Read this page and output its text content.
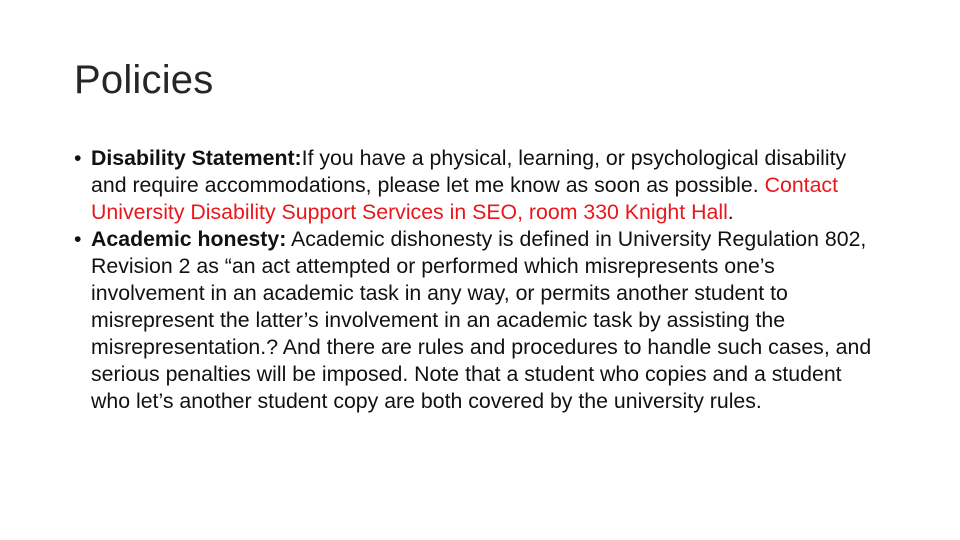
Policies
• Disability Statement:If you have a physical, learning, or psychological disability and require accommodations, please let me know as soon as possible. Contact University Disability Support Services in SEO, room 330 Knight Hall.
• Academic honesty: Academic dishonesty is defined in University Regulation 802, Revision 2 as “an act attempted or performed which misrepresents one’s involvement in an academic task in any way, or permits another student to misrepresent the latter’s involvement in an academic task by assisting the misrepresentation.? And there are rules and procedures to handle such cases, and serious penalties will be imposed. Note that a student who copies and a student who let’s another student copy are both covered by the university rules.
